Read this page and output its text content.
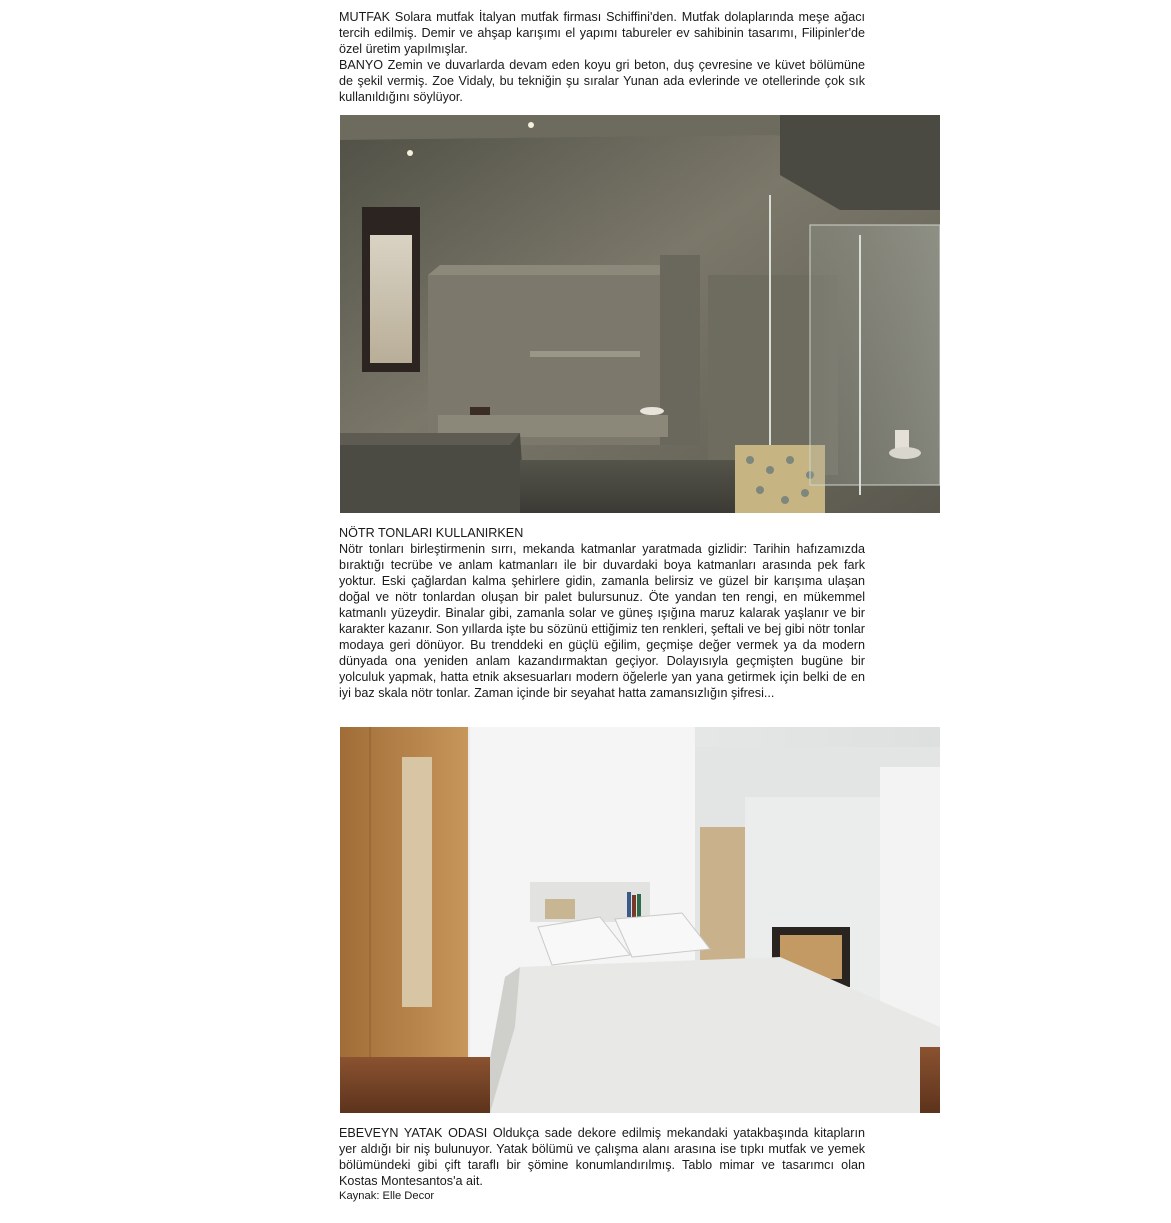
MUTFAK Solara mutfak İtalyan mutfak firması Schiffini'den. Mutfak dolaplarında meşe ağacı tercih edilmiş. Demir ve ahşap karışımı el yapımı tabureler ev sahibinin tasarımı, Filipinler'de özel üretim yapılmışlar.

BANYO Zemin ve duvarlarda devam eden koyu gri beton, duş çevresine ve küvet bölümüne de şekil vermiş. Zoe Vidaly, bu tekniğin şu sıralar Yunan ada evlerinde ve otellerinde çok sık kullanıldığını söylüyor.

NÖTR TONLARI KULLANIRKEN

Nötr tonları birleştirmenin sırrı, mekanda katmanlar yaratmada gizlidir: Tarihin hafızamızda bıraktığı tecrübe ve anlam katmanları ile bir duvardaki boya katmanları arasında pek fark yoktur. Eski çağlardan kalma şehirlere gidin, zamanla belirsiz ve güzel bir karışıma ulaşan doğal ve nötr tonlardan oluşan bir palet bulursunuz. Öte yandan ten rengi, en mükemmel katmanlı yüzeydir. Binalar gibi, zamanla solar ve güneş ışığına maruz kalarak yaşlanır ve bir karakter kazanır. Son yıllarda işte bu sözünü ettiğimiz ten renkleri, şeftali ve bej gibi nötr tonlar modaya geri dönüyor. Bu trenddeki en güçlü eğilim, geçmişe değer vermek ya da modern dünyada ona yeniden anlam kazandırmaktan geçiyor. Dolayısıyla geçmişten bugüne bir yolculuk yapmak, hatta etnik aksesuarları modern öğelerle yan yana getirmek için belki de en iyi baz skala nötr tonlar. Zaman içinde bir seyahat hatta zamansızlığın şifresi...

EBEVEYN YATAK ODASI Oldukça sade dekore edilmiş mekandaki yatakbaşında kitapların yer aldığı bir niş bulunuyor. Yatak bölümü ve çalışma alanı arasına ise tıpkı mutfak ve yemek bölümündeki gibi çift taraflı bir şömine konumlandırılmış. Tablo mimar ve tasarımcı olan Kostas Montesantos'a ait.

Kaynak: Elle Decor
